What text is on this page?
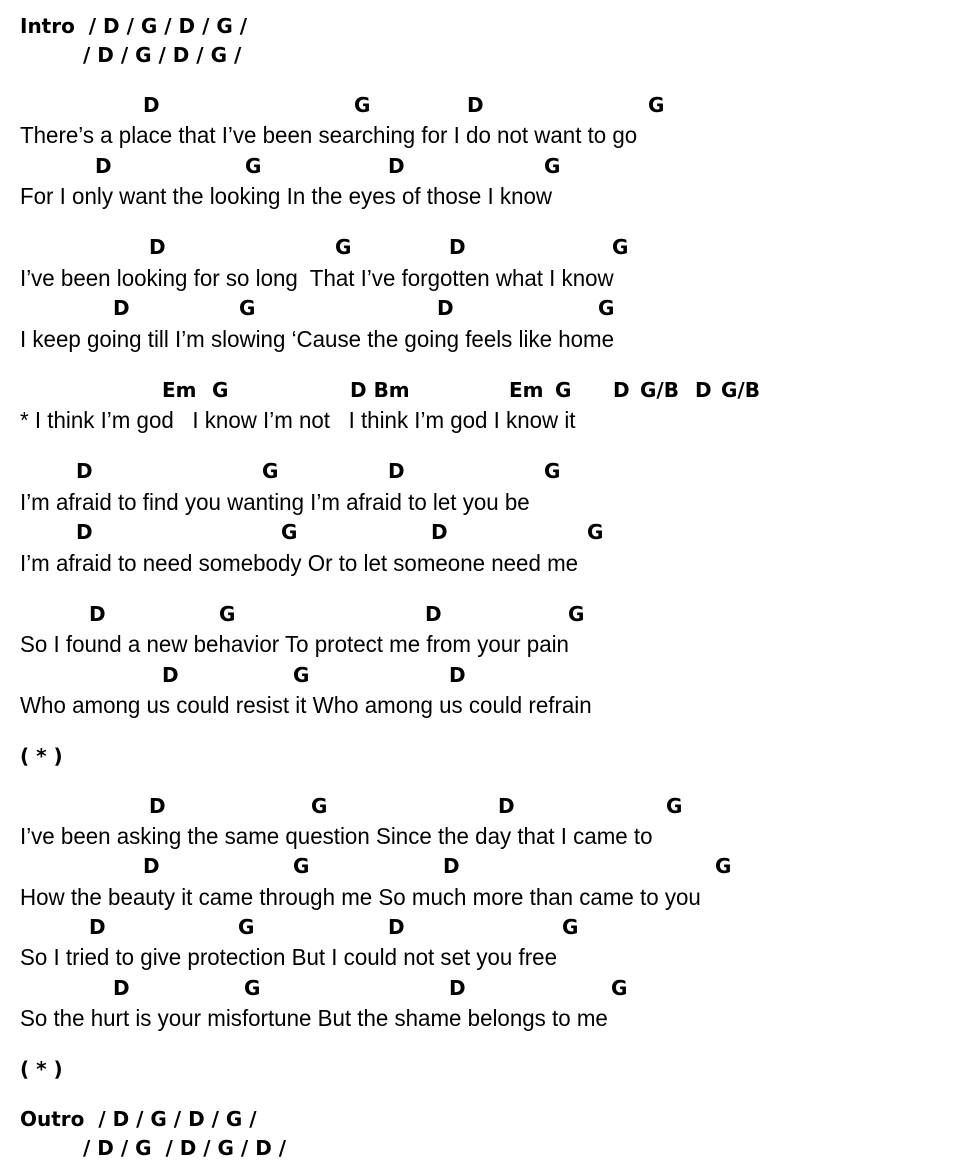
Intro  / D / G / D / G /
/ D / G / D / G /
D	G	D	G
There’s a place that I’ve been searching for I do not want to go
D	G	D	G
For I only want the looking In the eyes of those I know
D	G	D	G
I’ve been looking for so long  That I’ve forgotten what I know
D	G	D	G
I keep going till I’m slowing ‘Cause the going feels like home
Em G	D Bm	Em G D G/B D G/B
* I think I’m god   I know I’m not   I think I’m god I know it
D	G	D	G
I’m afraid to find you wanting I’m afraid to let you be
D	G	D	G
I’m afraid to need somebody Or to let someone need me
D	G	D	G
So I found a new behavior To protect me from your pain
D	G	D
Who among us could resist it Who among us could refrain
( * )
D	G	D	G
I’ve been asking the same question Since the day that I came to
D	G	D	G
How the beauty it came through me So much more than came to you
D	G	D	G
So I tried to give protection But I could not set you free
D	G	D	G
So the hurt is your misfortune But the shame belongs to me
( * )
Outro  / D / G / D / G /
/ D / G  / D / G / D /
